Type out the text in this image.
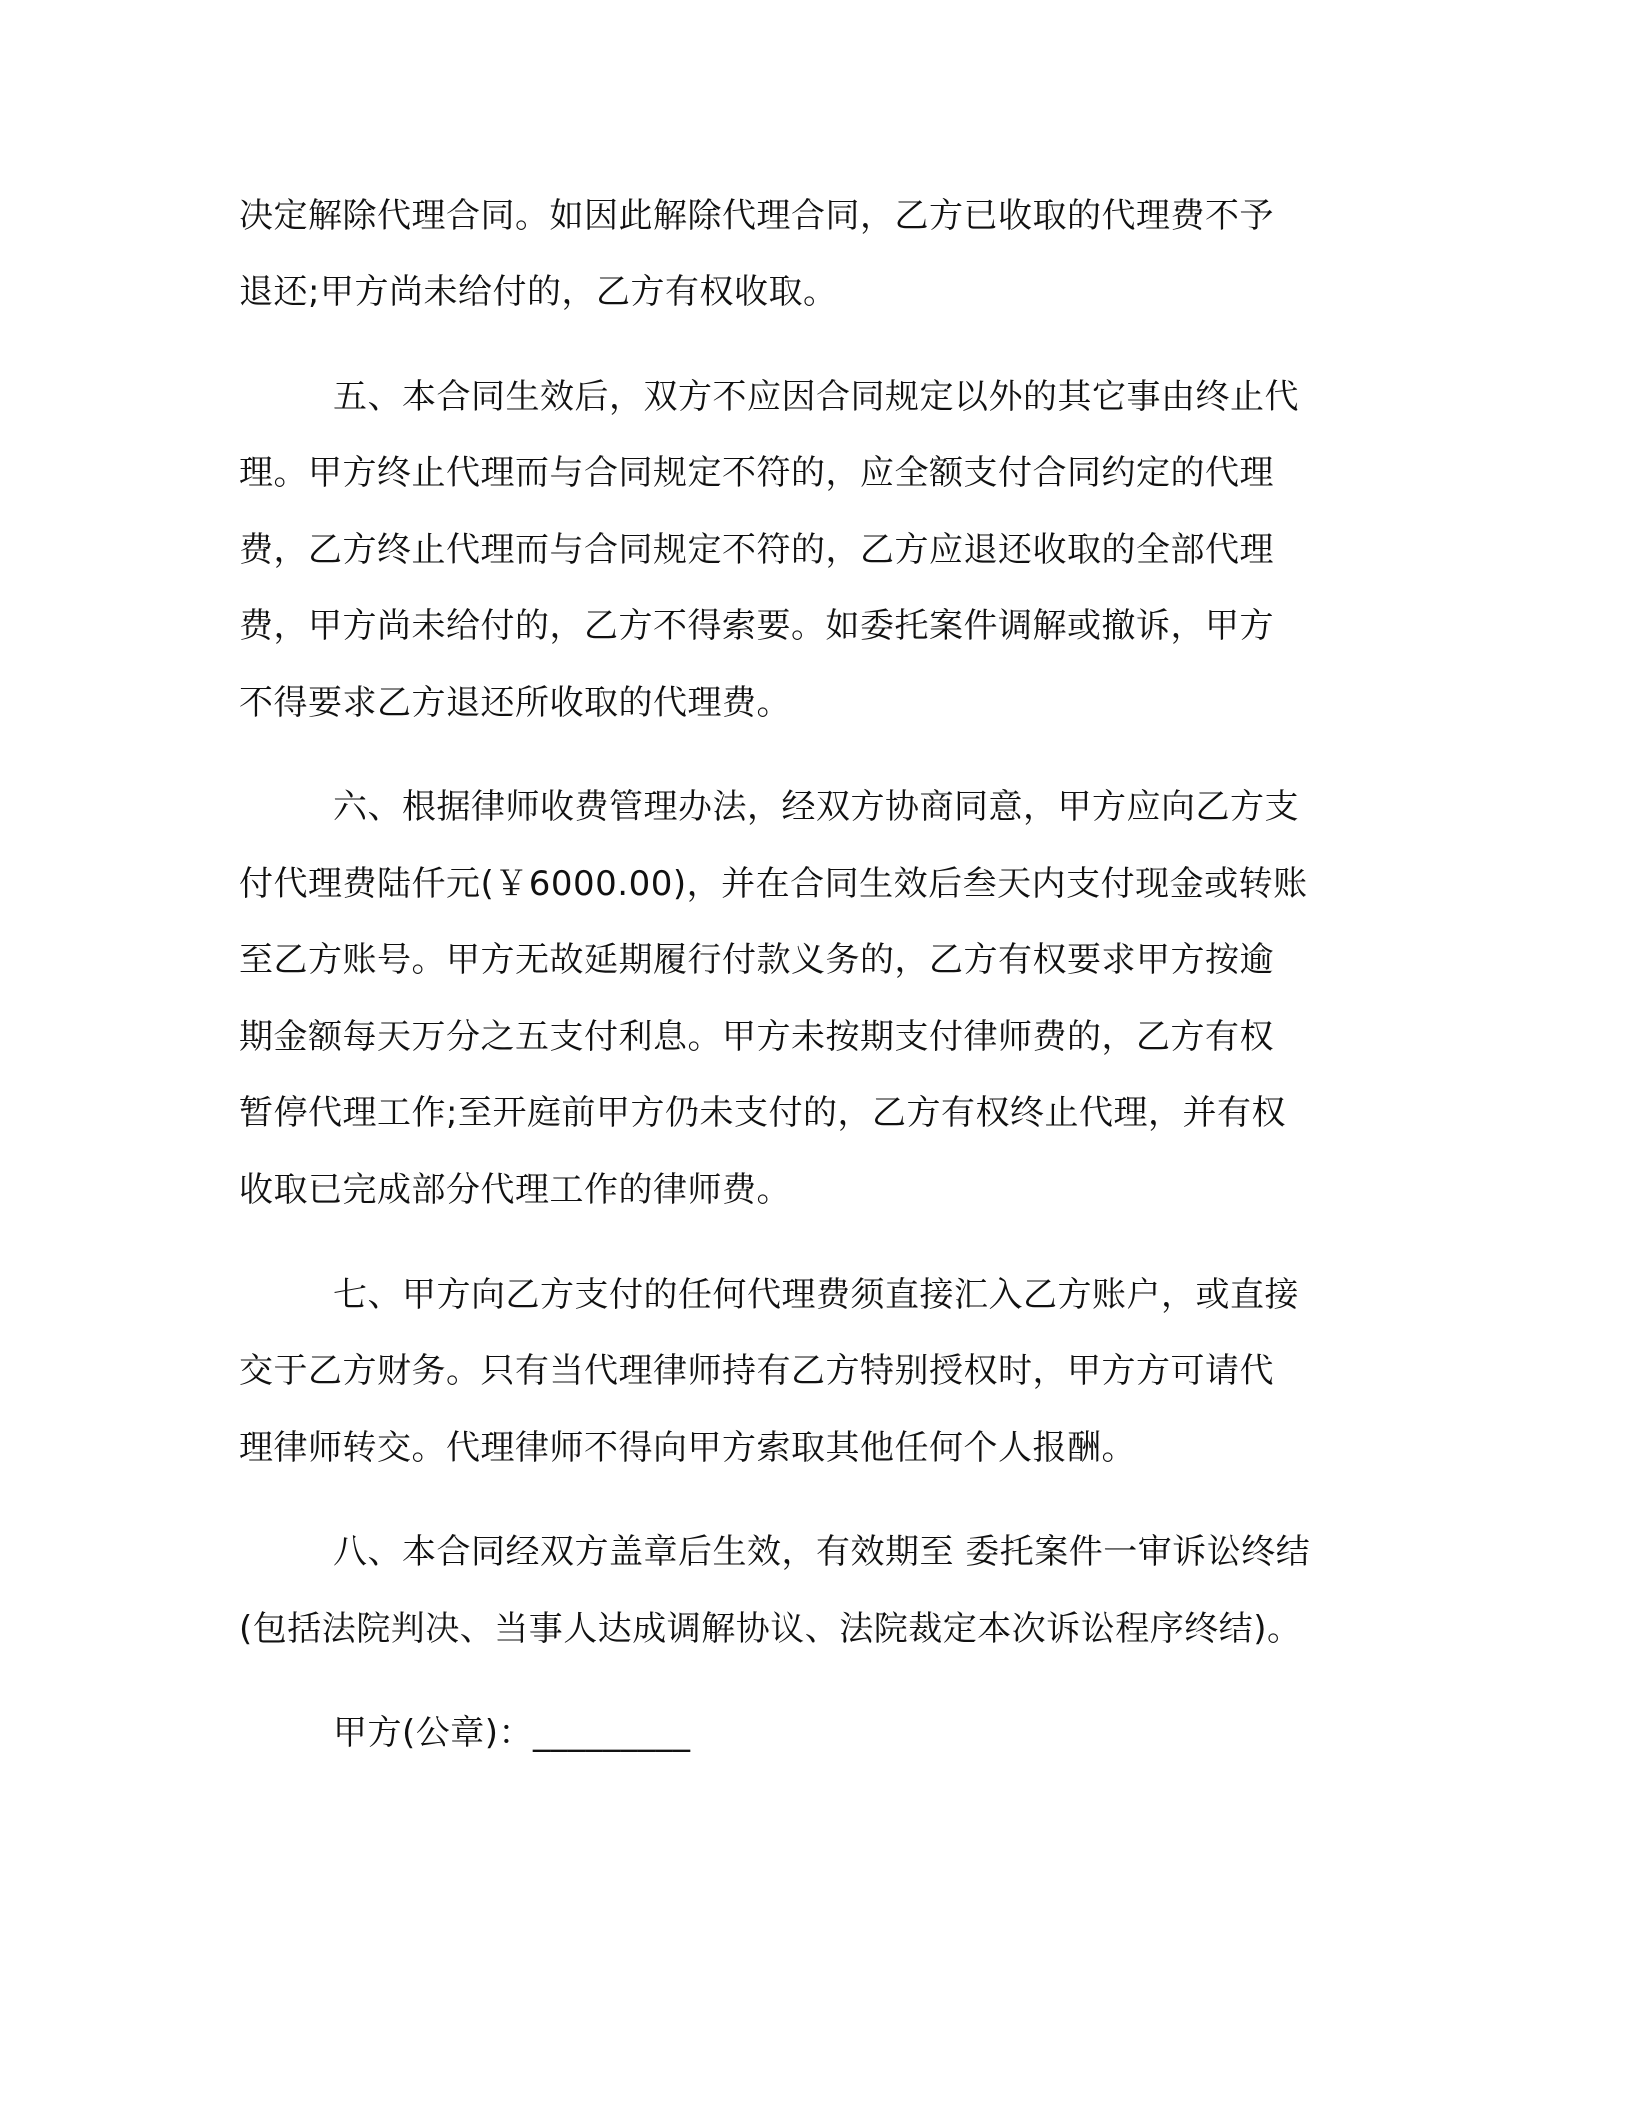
决定解除代理合同。如因此解除代理合同，乙方已收取的代理费不予
退还;甲方尚未给付的，乙方有权收取。
五、本合同生效后，双方不应因合同规定以外的其它事由终止代
理。甲方终止代理而与合同规定不符的，应全额支付合同约定的代理
费，乙方终止代理而与合同规定不符的，乙方应退还收取的全部代理
费，甲方尚未给付的，乙方不得索要。如委托案件调解或撤诉，甲方
不得要求乙方退还所收取的代理费。
六、根据律师收费管理办法，经双方协商同意，甲方应向乙方支
付代理费陆仟元(￥6000.00)，并在合同生效后叁天内支付现金或转账
至乙方账号。甲方无故延期履行付款义务的，乙方有权要求甲方按逾
期金额每天万分之五支付利息。甲方未按期支付律师费的，乙方有权
暂停代理工作;至开庭前甲方仍未支付的，乙方有权终止代理，并有权
收取已完成部分代理工作的律师费。
七、甲方向乙方支付的任何代理费须直接汇入乙方账户，或直接
交于乙方财务。只有当代理律师持有乙方特别授权时，甲方方可请代
理律师转交。代理律师不得向甲方索取其他任何个人报酬。
八、本合同经双方盖章后生效，有效期至 委托案件一审诉讼终结
(包括法院判决、当事人达成调解协议、法院裁定本次诉讼程序终结)。
甲方(公章)：_________
